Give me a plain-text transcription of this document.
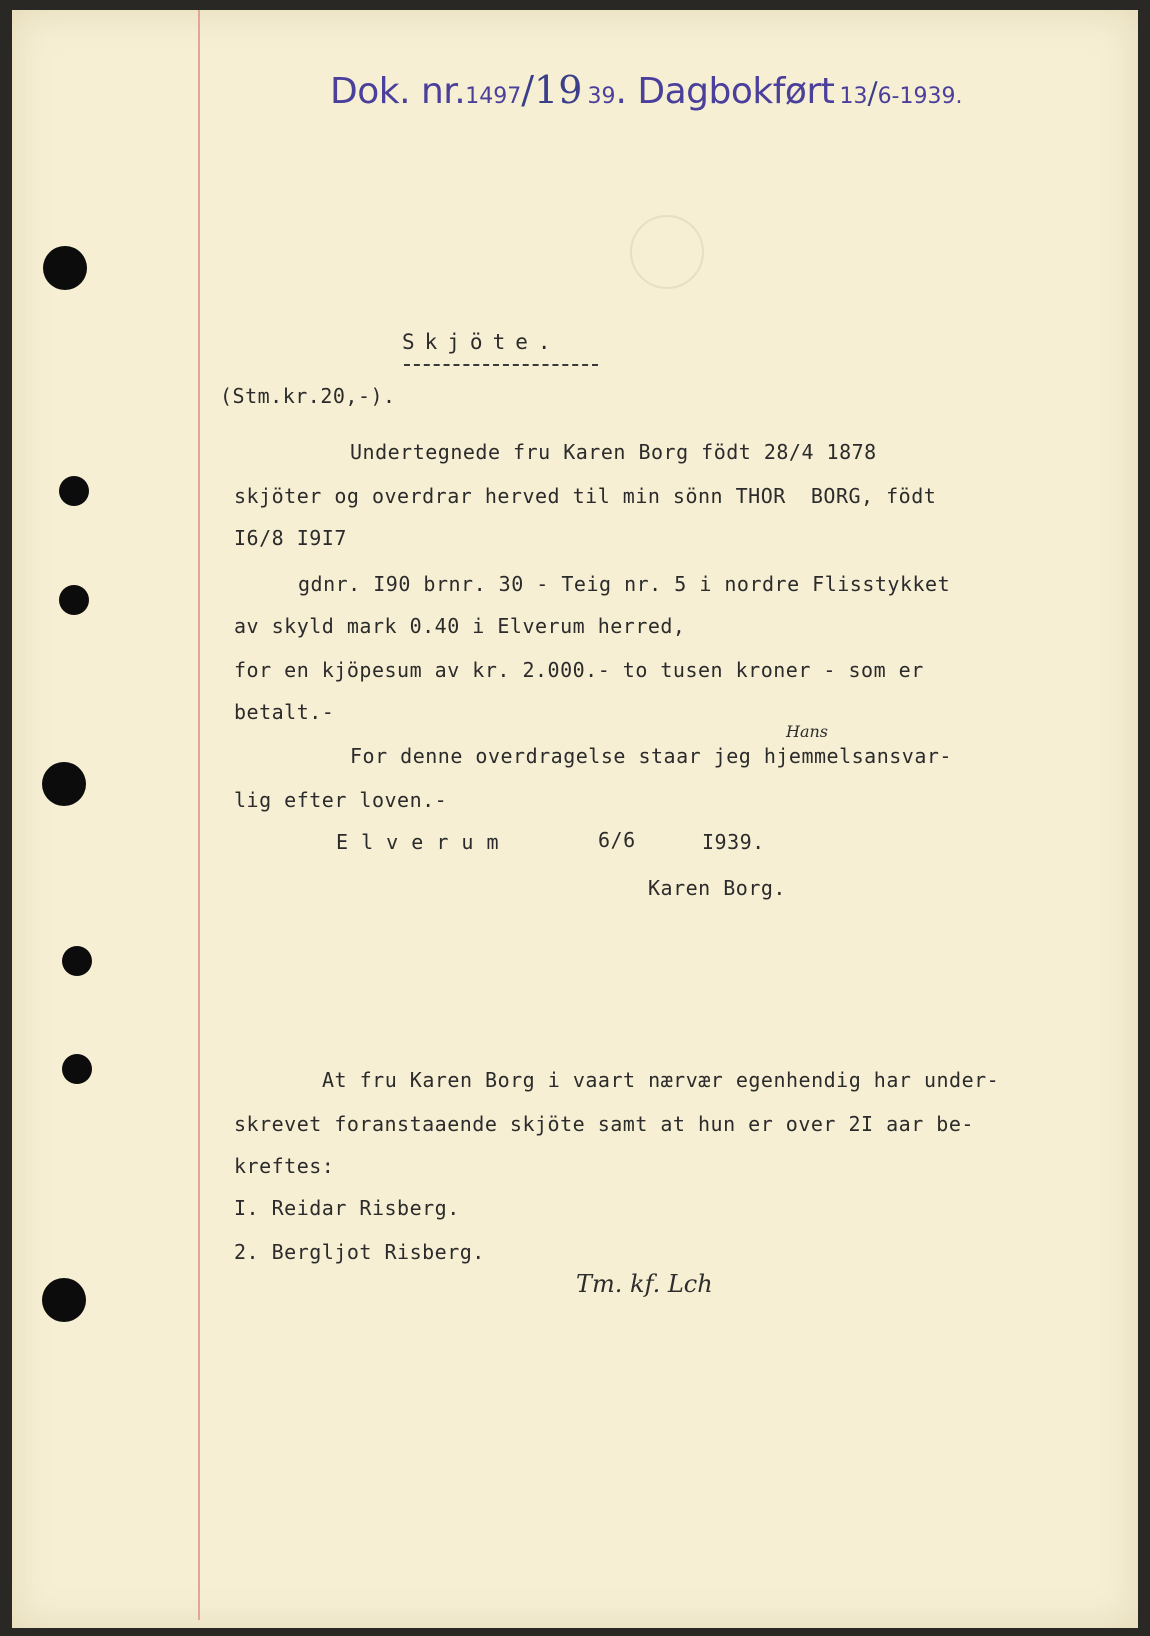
Dok. nr.1497/19 39. Dagbokført 13/6-1939.
Skjöte.
(Stm.kr.20,-).
Undertegnede fru Karen Borg födt 28/4 1878
skjöter og overdrar herved til min sönn THOR  BORG, födt
I6/8 I9I7
gdnr. I90 brnr. 30 - Teig nr. 5 i nordre Flisstykket
av skyld mark 0.40 i Elverum herred,
for en kjöpesum av kr. 2.000.- to tusen kroner - som er
betalt.-
Hans
For denne overdragelse staar jeg hjemmelsansvar-
lig efter loven.-
E l v e r u m	6/6	I939.
Karen Borg.
At fru Karen Borg i vaart nærvær egenhendig har under-
skrevet foranstaaende skjöte samt at hun er over 2I aar be-
kreftes:
I. Reidar Risberg.
2. Bergljot Risberg.
Tm. kf. Lch
